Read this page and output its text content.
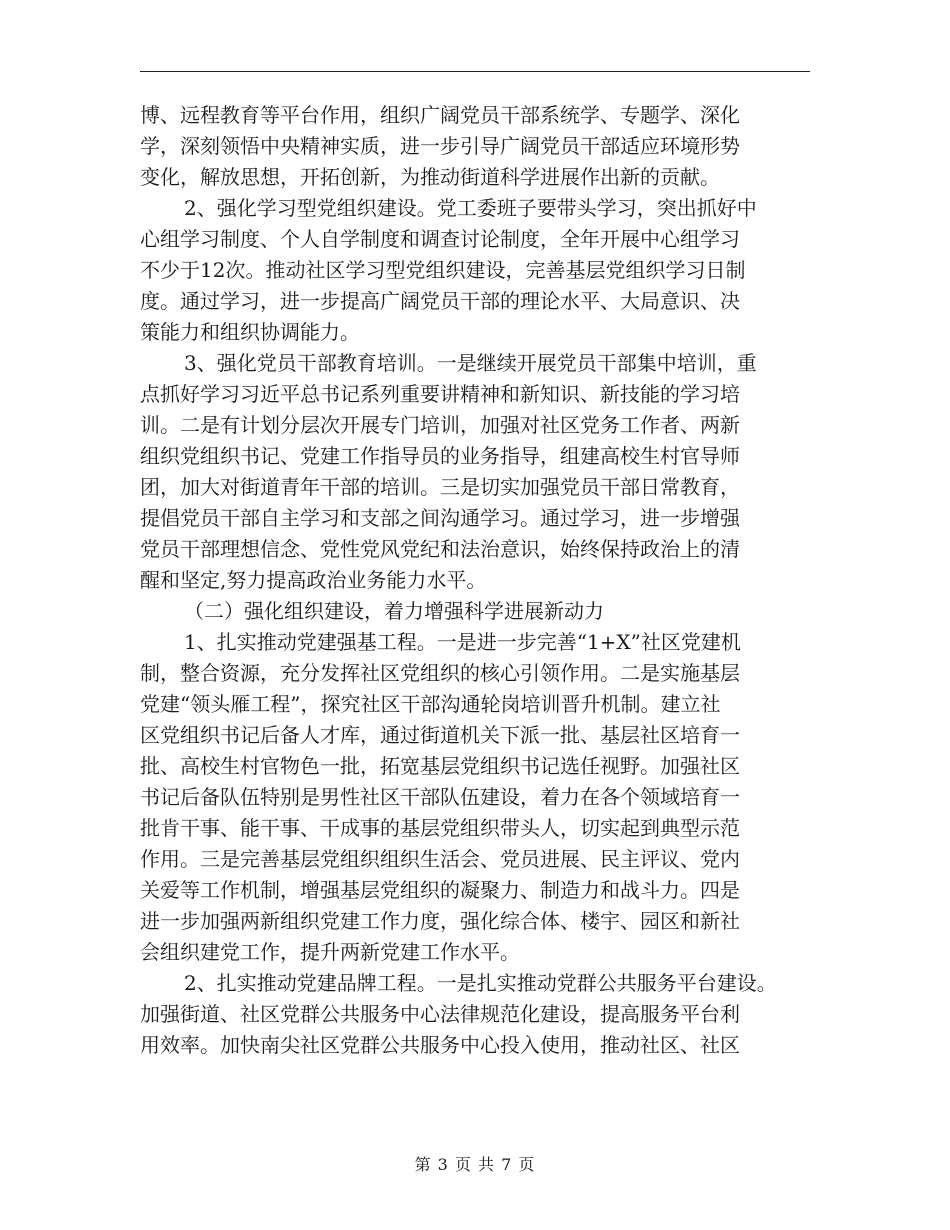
博、远程教育等平台作用，组织广阔党员干部系统学、专题学、深化
学，深刻领悟中央精神实质，进一步引导广阔党员干部适应环境形势
变化，解放思想，开拓创新，为推动街道科学进展作出新的贡献。
2、强化学习型党组织建设。党工委班子要带头学习，突出抓好中
心组学习制度、个人自学制度和调查讨论制度，全年开展中心组学习
不少于12次。推动社区学习型党组织建设，完善基层党组织学习日制
度。通过学习，进一步提高广阔党员干部的理论水平、大局意识、决
策能力和组织协调能力。
3、强化党员干部教育培训。一是继续开展党员干部集中培训，重
点抓好学习习近平总书记系列重要讲精神和新知识、新技能的学习培
训。二是有计划分层次开展专门培训，加强对社区党务工作者、两新
组织党组织书记、党建工作指导员的业务指导，组建高校生村官导师
团，加大对街道青年干部的培训。三是切实加强党员干部日常教育，
提倡党员干部自主学习和支部之间沟通学习。通过学习，进一步增强
党员干部理想信念、党性党风党纪和法治意识，始终保持政治上的清
醒和坚定,努力提高政治业务能力水平。
（二）强化组织建设，着力增强科学进展新动力
1、扎实推动党建强基工程。一是进一步完善“1+X”社区党建机
制，整合资源，充分发挥社区党组织的核心引领作用。二是实施基层
党建“领头雁工程”，探究社区干部沟通轮岗培训晋升机制。建立社
区党组织书记后备人才库，通过街道机关下派一批、基层社区培育一
批、高校生村官物色一批，拓宽基层党组织书记选任视野。加强社区
书记后备队伍特别是男性社区干部队伍建设，着力在各个领域培育一
批肯干事、能干事、干成事的基层党组织带头人，切实起到典型示范
作用。三是完善基层党组织组织生活会、党员进展、民主评议、党内
关爱等工作机制，增强基层党组织的凝聚力、制造力和战斗力。四是
进一步加强两新组织党建工作力度，强化综合体、楼宇、园区和新社
会组织建党工作，提升两新党建工作水平。
2、扎实推动党建品牌工程。一是扎实推动党群公共服务平台建设。
加强街道、社区党群公共服务中心法律规范化建设，提高服务平台利
用效率。加快南尖社区党群公共服务中心投入使用，推动社区、社区
第 3 页 共 7 页
